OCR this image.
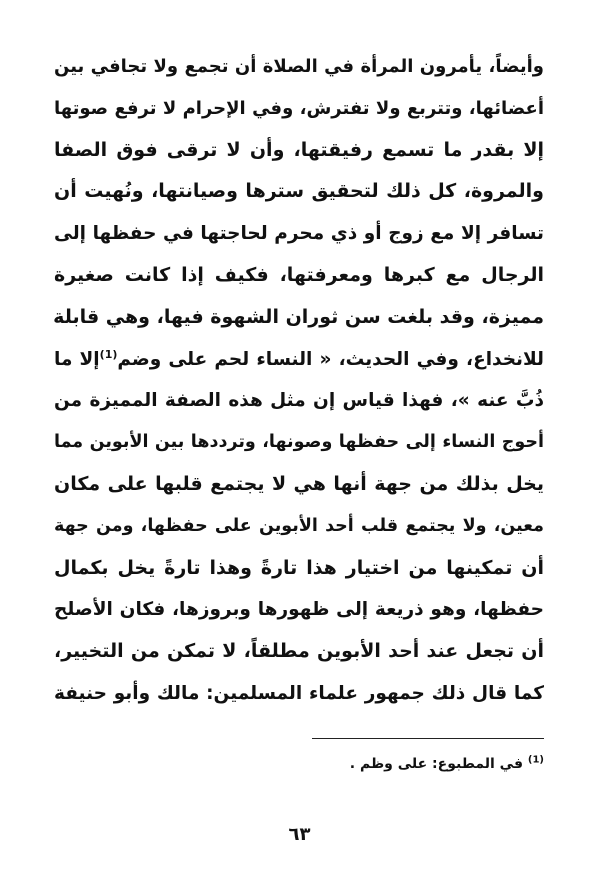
وأيضاً، يأمرون المرأة في الصلاة أن تجمع ولا تجافي بين
أعضائها، وتتربع ولا تفترش، وفي الإحرام لا ترفع صوتها
إلا بقدر ما تسمع رفيقتها، وأن لا ترقى فوق الصفا
والمروة، كل ذلك لتحقيق سترها وصيانتها، ونُهيت أن
تسافر إلا مع زوج أو ذي محرم لحاجتها في حفظها إلى
الرجال مع كبرها ومعرفتها، فكيف إذا كانت صغيرة
مميزة، وقد بلغت سن ثوران الشهوة فيها، وهي قابلة
للانخداع، وفي الحديث، « النساء لحم على وضم$^{(1)}$إلا ما
ذُبَّ عنه »، فهذا قياس إن مثل هذه الصفة المميزة من
أحوج النساء إلى حفظها وصونها، وترددها بين الأبوين مما
يخل بذلك من جهة أنها هي لا يجتمع قلبها على مكان
معين، ولا يجتمع قلب أحد الأبوين على حفظها، ومن جهة
أن تمكينها من اختيار هذا تارةً وهذا تارةً يخل بكمال
حفظها، وهو ذريعة إلى ظهورها وبروزها، فكان الأصلح
أن تجعل عند أحد الأبوين مطلقاً، لا تمكن من التخيير،
كما قال ذلك جمهور علماء المسلمين: مالك وأبو حنيفة
$^{(1)}$ في المطبوع: على وظم .
٦٣
